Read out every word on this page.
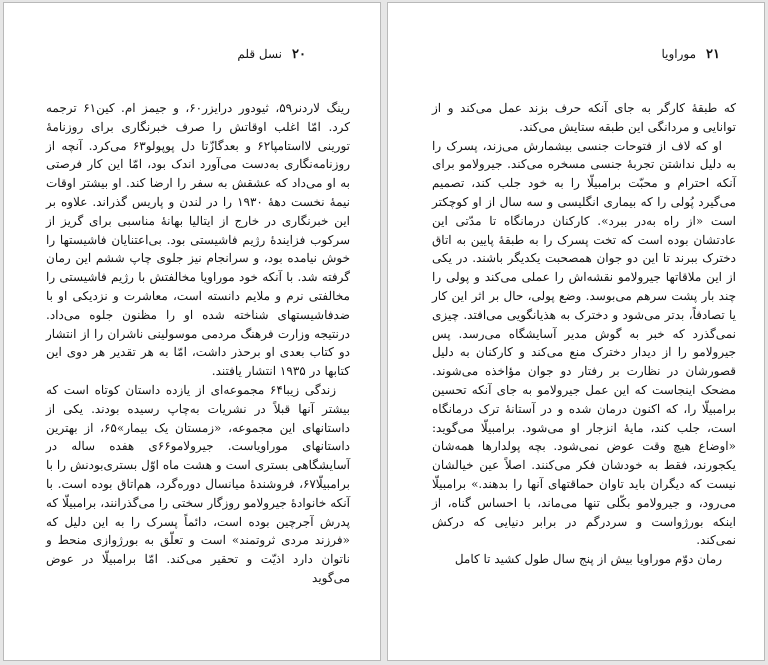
۲۰
نسل قلم

رینگ لاردنر۵۹، ثیودور درایزر۶۰، و جیمز ام. کین۶۱ ترجمه کرد. امّا اغلب اوقاتش را صرف خبرنگاری برای روزنامهٔ تورینی لااستامپا۶۲ و بعدگازّتا دل پوپولو۶۳ می‌کرد. آنچه از روزنامه‌نگاری به‌دست می‌آورد اندک بود، امّا این کار فرصتی به او می‌داد که عشقش به سفر را ارضا کند. او بیشتر اوقات نیمهٔ نخست دههٔ ۱۹۳۰ را در لندن و پاریس گذراند. علاوه بر این خبرنگاری در خارج از ایتالیا بهانهٔ مناسبی برای گریز از سرکوب فزایندهٔ رژیم فاشیستی بود. بی‌اعتنایان فاشیستها را خوش نیامده بود، و سرانجام نیز جلوی چاپ ششم این رمان گرفته شد. با آنکه خود موراویا مخالفتش با رژیم فاشیستی را مخالفتی نرم و ملایم دانسته است، معاشرت و نزدیکی او با ضدفاشیستهای شناخته شده او را مظنون جلوه می‌داد. درنتیجه وزارت فرهنگ مردمی موسولینی ناشران را از انتشار دو کتاب بعدی او برحذر داشت، امّا به هر تقدیر هر دوی این کتابها در ۱۹۳۵ انتشار یافتند.

زندگی زیبا۶۴ مجموعه‌ای از یازده داستان کوتاه است که بیشتر آنها قبلاً در نشریات به‌چاپ رسیده بودند. یکی از داستانهای این مجموعه، «زمستان یک بیمار»۶۵، از بهترین داستانهای موراویاست. جیرولامو۶۶ی هفده ساله در آسایشگاهی بستری است و هشت ماه اوّل بستری‌بودنش را با برامبیلّا۶۷، فروشندهٔ میانسال دوره‌گرد، هم‌اتاق بوده است. با آنکه خانوادهٔ جیرولامو روزگار سختی را می‌گذرانند، برامبیلّا که پدرش آجرچین بوده است، دائماً پسرک را به این دلیل که «فرزند مردی ثروتمند» است و تعلّق به بورژوازی منحط و ناتوان دارد اذیّت و تحقیر می‌کند. امّا برامبیلّا در عوض می‌گوید

۲۱
موراویا

که طبقهٔ کارگر به جای آنکه حرف بزند عمل می‌کند و از توانایی و مردانگی این طبقه ستایش می‌کند.

او که لاف از فتوحات جنسی بیشمارش می‌زند، پسرک را به دلیل نداشتن تجربهٔ جنسی مسخره می‌کند. جیرولامو برای آنکه احترام و محبّت برامبیلّا را به خود جلب کند، تصمیم می‌گیرد پُولی را که بیماری انگلیسی و سه سال از او کوچکتر است «از راه به‌در ببرد». کارکنان درمانگاه تا مدّتی این عادتشان بوده است که تخت پسرک را به طبقهٔ پایین به اتاق دخترک ببرند تا این دو جوان همصحبت یکدیگر باشند. در یکی از این ملاقاتها جیرولامو نقشه‌اش را عملی می‌کند و پولی را چند بار پشت سرهم می‌بوسد. وضع پولی، حال بر اثر این کار یا تصادفاً، بدتر می‌شود و دخترک به هذیانگویی می‌افتد. چیزی نمی‌گذرد که خبر به گوش مدیر آسایشگاه می‌رسد. پس جیرولامو را از دیدار دخترک منع می‌کند و کارکنان به دلیل قصورشان در نظارت بر رفتار دو جوان مؤاخذه می‌شوند. مضحک اینجاست که این عمل جیرولامو به جای آنکه تحسین برامبیلّا را، که اکنون درمان شده و در آستانهٔ ترک درمانگاه است، جلب کند، مایهٔ انزجار او می‌شود. برامبیلّا می‌گوید: «اوضاع هیچ وقت عوض نمی‌شود. بچه پولدارها همه‌شان یکجورند، فقط به خودشان فکر می‌کنند. اصلاً عین خیالشان نیست که دیگران باید تاوان حماقتهای آنها را بدهند.» برامبیلّا می‌رود، و جیرولامو بکّلی تنها می‌ماند، با احساس گناه، از اینکه بورژواست و سردرگم در برابر دنیایی که درکش نمی‌کند.

رمان دوّم موراویا بیش از پنج سال طول کشید تا کامل
